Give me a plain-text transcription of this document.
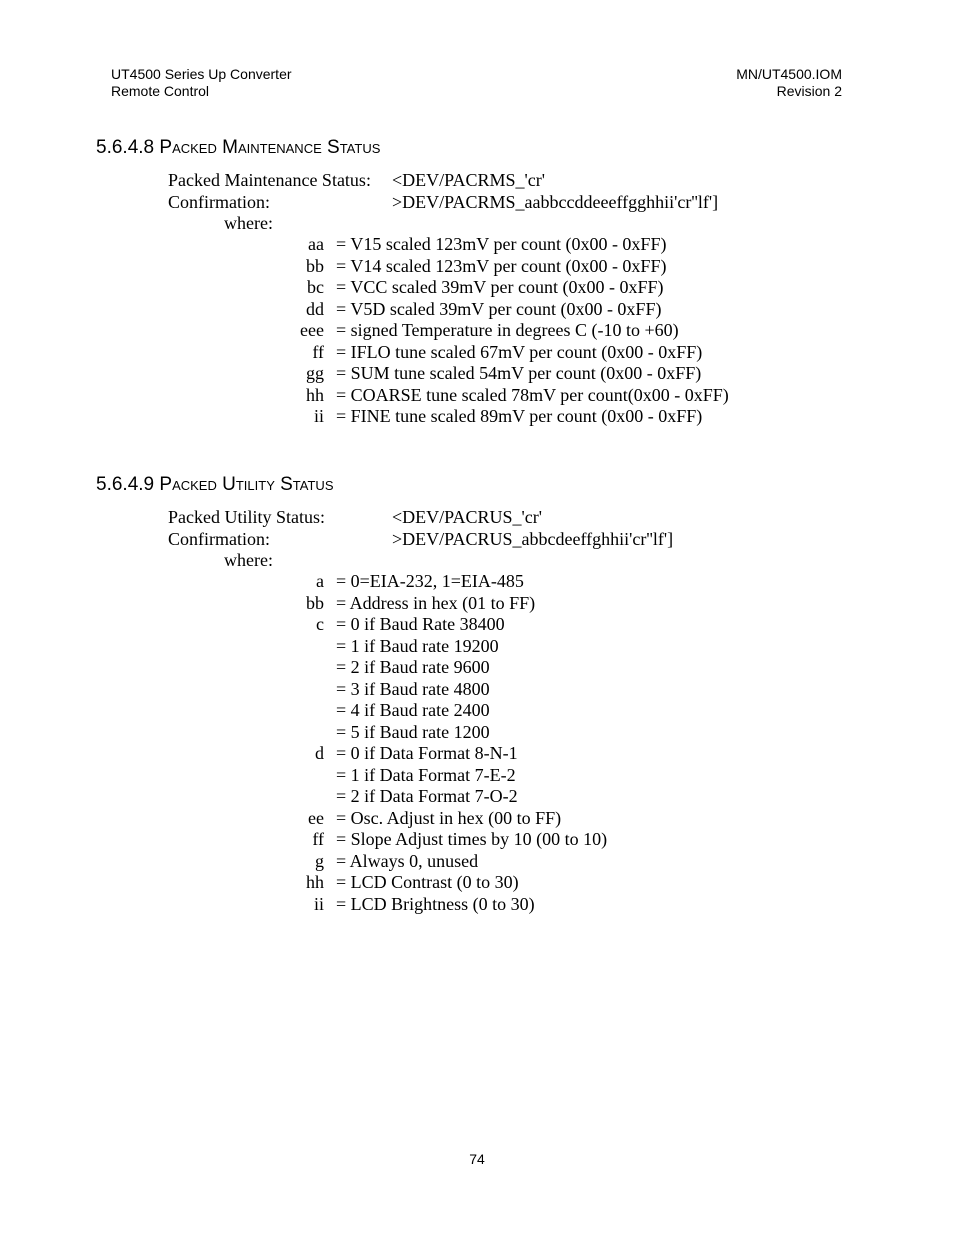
UT4500 Series Up Converter
Remote Control
MN/UT4500.IOM
Revision 2
5.6.4.8 Packed Maintenance Status
Packed Maintenance Status: <DEV/PACRMS_'cr'
Confirmation:	>DEV/PACRMS_aabbccddeeeffgghhii'cr''lf']
where:
aa = V15 scaled 123mV per count (0x00 - 0xFF)
bb = V14 scaled 123mV per count (0x00 - 0xFF)
bc = VCC scaled 39mV per count (0x00 - 0xFF)
dd = V5D scaled 39mV per count (0x00 - 0xFF)
eee = signed Temperature in degrees C (-10 to +60)
ff = IFLO tune scaled 67mV per count (0x00 - 0xFF)
gg = SUM tune scaled 54mV per count (0x00 - 0xFF)
hh = COARSE tune scaled 78mV per count(0x00 - 0xFF)
ii = FINE tune scaled 89mV per count (0x00 - 0xFF)
5.6.4.9 Packed Utility Status
Packed Utility Status:	<DEV/PACRUS_'cr'
Confirmation:	>DEV/PACRUS_abbcdeeffghhii'cr''lf']
where:
a = 0=EIA-232, 1=EIA-485
bb = Address in hex (01 to FF)
c = 0 if Baud Rate 38400
= 1 if Baud rate 19200
= 2 if Baud rate 9600
= 3 if Baud rate 4800
= 4 if Baud rate 2400
= 5 if Baud rate 1200
d = 0 if Data Format 8-N-1
= 1 if Data Format 7-E-2
= 2 if Data Format 7-O-2
ee = Osc. Adjust in hex (00 to FF)
ff = Slope Adjust times by 10 (00 to 10)
g = Always 0, unused
hh = LCD Contrast (0 to 30)
ii = LCD Brightness (0 to 30)
74
